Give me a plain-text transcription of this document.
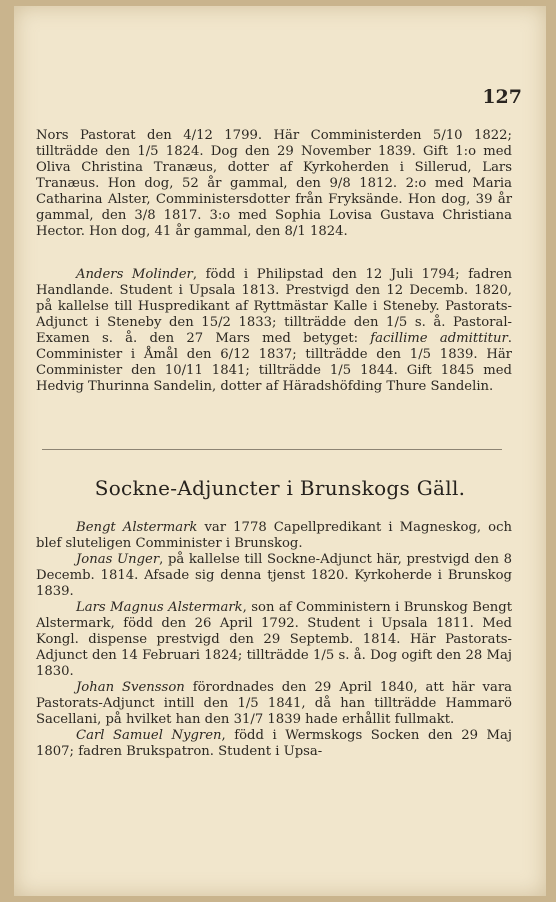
127

Nors Pastorat den 4/12 1799. Här Comministerden 5/10 1822; tillträdde den 1/5 1824. Dog den 29 November 1839. Gift 1:o med Oliva Christina Tranæus, dotter af Kyrkoherden i Sillerud, Lars Tranæus. Hon dog, 52 år gammal, den 9/8 1812. 2:o med Maria Catharina Alster, Comministersdotter från Fryksände. Hon dog, 39 år gammal, den 3/8 1817. 3:o med Sophia Lovisa Gustava Christiana Hector. Hon dog, 41 år gammal, den 8/1 1824.

Anders Molinder, född i Philipstad den 12 Juli 1794; fadren Handlande. Student i Upsala 1813. Prestvigd den 12 Decemb. 1820, på kallelse till Huspredikant af Ryttmästar Kalle i Steneby. Pastorats-Adjunct i Steneby den 15/2 1833; tillträdde den 1/5 s. å. Pastoral-Examen s. å. den 27 Mars med betyget: facillime admittitur. Comminister i Åmål den 6/12 1837; tillträdde den 1/5 1839. Här Comminister den 10/11 1841; tillträdde 1/5 1844. Gift 1845 med Hedvig Thurinna Sandelin, dotter af Häradshöfding Thure Sandelin.

Sockne-Adjuncter i Brunskogs Gäll.

Bengt Alstermark var 1778 Capellpredikant i Magneskog, och blef sluteligen Comminister i Brunskog.

Jonas Unger, på kallelse till Sockne-Adjunct här, prestvigd den 8 Decemb. 1814. Afsade sig denna tjenst 1820. Kyrkoherde i Brunskog 1839.

Lars Magnus Alstermark, son af Comministern i Brunskog Bengt Alstermark, född den 26 April 1792. Student i Upsala 1811. Med Kongl. dispense prestvigd den 29 Septemb. 1814. Här Pastorats-Adjunct den 14 Februari 1824; tillträdde 1/5 s. å. Dog ogift den 28 Maj 1830.

Johan Svensson förordnades den 29 April 1840, att här vara Pastorats-Adjunct intill den 1/5 1841, då han tillträdde Hammarö Sacellani, på hvilket han den 31/7 1839 hade erhållit fullmakt.

Carl Samuel Nygren, född i Wermskogs Socken den 29 Maj 1807; fadren Brukspatron. Student i Upsa-
